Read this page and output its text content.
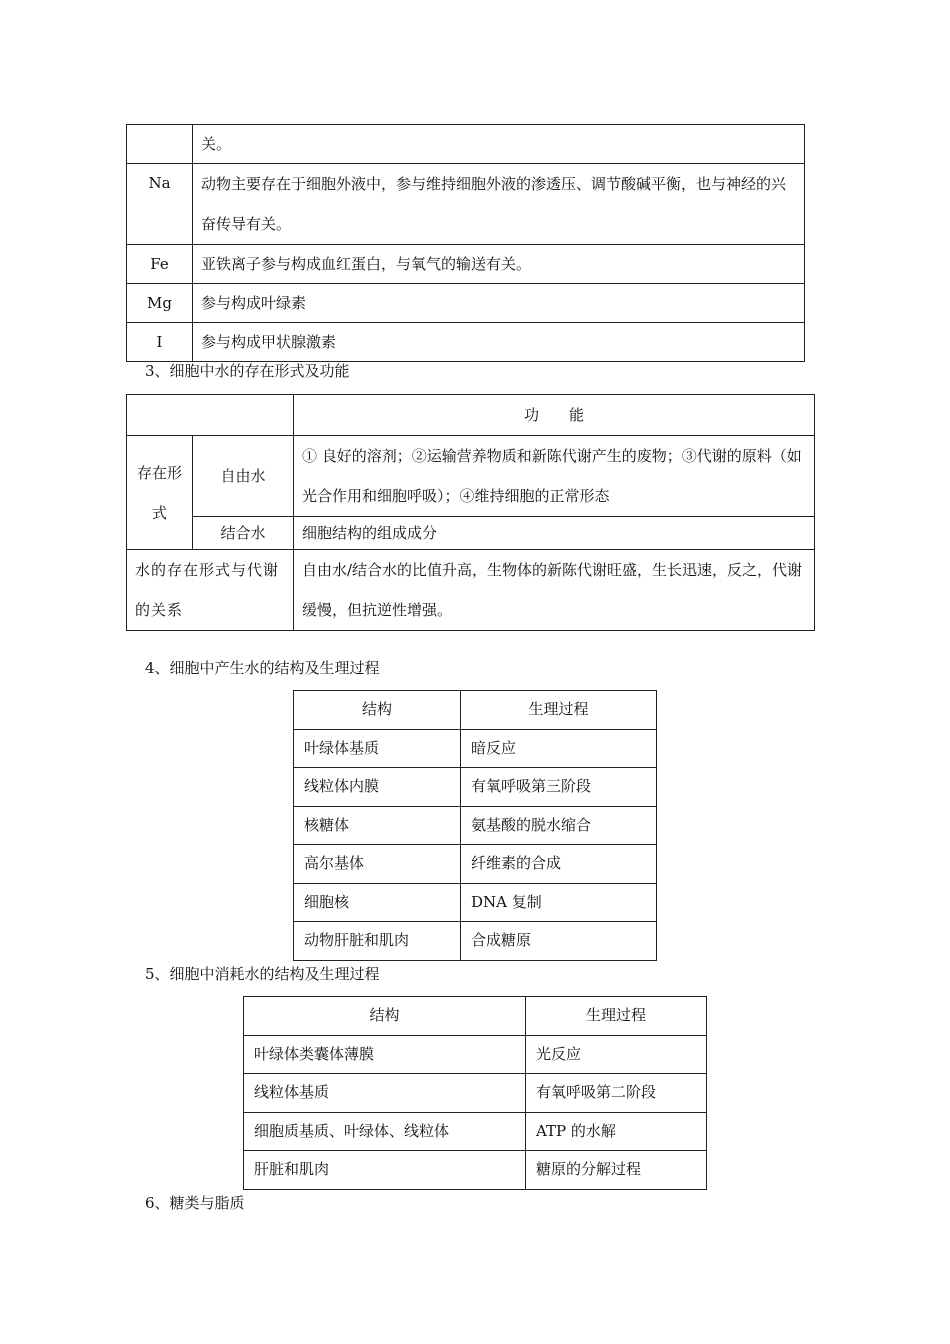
	关。
Na	动物主要存在于细胞外液中，参与维持细胞外液的渗透压、调节酸碱平衡，也与神经的兴奋传导有关。
Fe	亚铁离子参与构成血红蛋白，与氧气的输送有关。
Mg	参与构成叶绿素
I	参与构成甲状腺激素
3、细胞中水的存在形式及功能
		功　　能
存在形式	自由水	① 良好的溶剂；②运输营养物质和新陈代谢产生的废物；③代谢的原料（如光合作用和细胞呼吸）；④维持细胞的正常形态
	结合水	细胞结构的组成成分
水的存在形式与代谢的关系		自由水/结合水的比值升高，生物体的新陈代谢旺盛，生长迅速，反之，代谢缓慢，但抗逆性增强。
4、细胞中产生水的结构及生理过程
结构	生理过程
叶绿体基质	暗反应
线粒体内膜	有氧呼吸第三阶段
核糖体	氨基酸的脱水缩合
高尔基体	纤维素的合成
细胞核	DNA 复制
动物肝脏和肌肉	合成糖原
5、细胞中消耗水的结构及生理过程
结构	生理过程
叶绿体类囊体薄膜	光反应
线粒体基质	有氧呼吸第二阶段
细胞质基质、叶绿体、线粒体	ATP 的水解
肝脏和肌肉	糖原的分解过程
6、糖类与脂质
